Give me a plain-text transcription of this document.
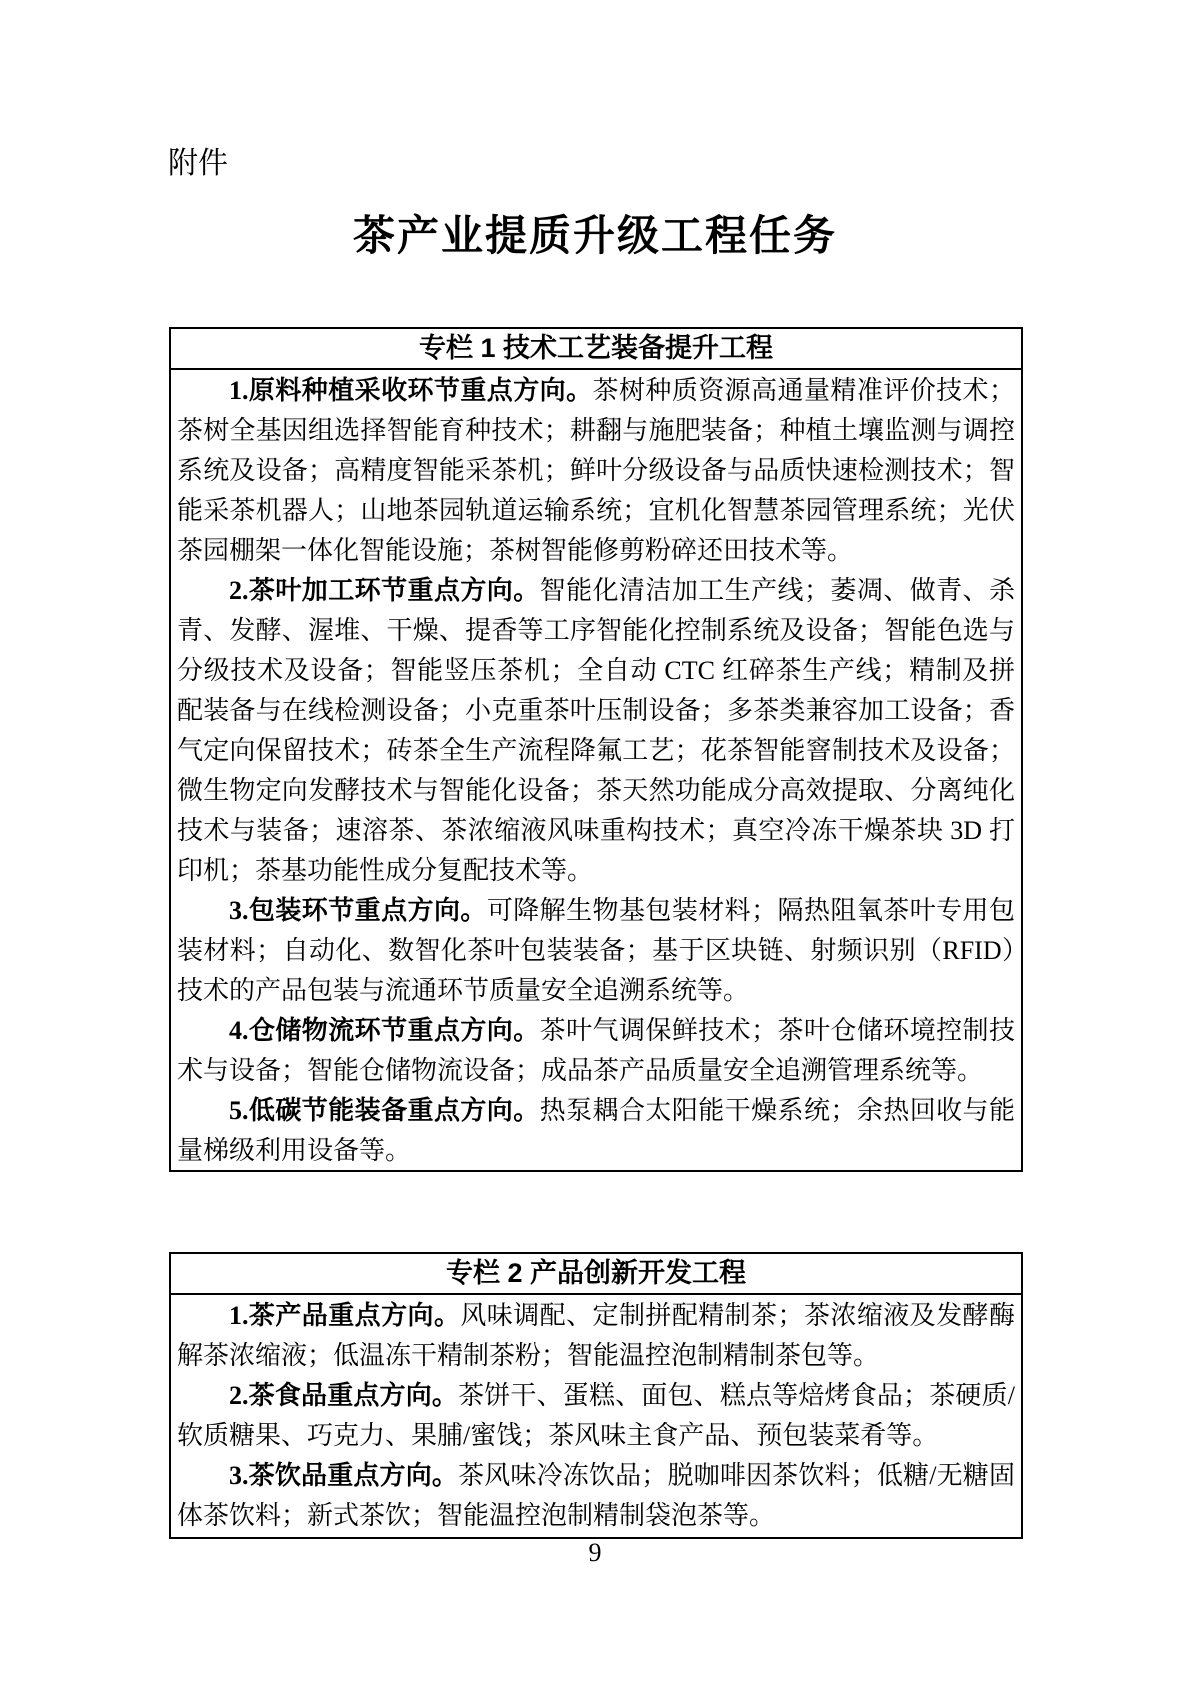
附件
茶产业提质升级工程任务
专栏 1 技术工艺装备提升工程

1.原料种植采收环节重点方向。茶树种质资源高通量精准评价技术；茶树全基因组选择智能育种技术；耕翻与施肥装备；种植土壤监测与调控系统及设备；高精度智能采茶机；鲜叶分级设备与品质快速检测技术；智能采茶机器人；山地茶园轨道运输系统；宜机化智慧茶园管理系统；光伏茶园棚架一体化智能设施；茶树智能修剪粉碎还田技术等。

2.茶叶加工环节重点方向。智能化清洁加工生产线；萎凋、做青、杀青、发酵、渥堆、干燥、提香等工序智能化控制系统及设备；智能色选与分级技术及设备；智能竖压茶机；全自动 CTC 红碎茶生产线；精制及拼配装备与在线检测设备；小克重茶叶压制设备；多茶类兼容加工设备；香气定向保留技术；砖茶全生产流程降氟工艺；花茶智能窨制技术及设备；微生物定向发酵技术与智能化设备；茶天然功能成分高效提取、分离纯化技术与装备；速溶茶、茶浓缩液风味重构技术；真空冷冻干燥茶块 3D 打印机；茶基功能性成分复配技术等。

3.包装环节重点方向。可降解生物基包装材料；隔热阻氧茶叶专用包装材料；自动化、数智化茶叶包装装备；基于区块链、射频识别（RFID）技术的产品包装与流通环节质量安全追溯系统等。

4.仓储物流环节重点方向。茶叶气调保鲜技术；茶叶仓储环境控制技术与设备；智能仓储物流设备；成品茶产品质量安全追溯管理系统等。

5.低碳节能装备重点方向。热泵耦合太阳能干燥系统；余热回收与能量梯级利用设备等。

专栏 2 产品创新开发工程

1.茶产品重点方向。风味调配、定制拼配精制茶；茶浓缩液及发酵酶解茶浓缩液；低温冻干精制茶粉；智能温控泡制精制茶包等。

2.茶食品重点方向。茶饼干、蛋糕、面包、糕点等焙烤食品；茶硬质/软质糖果、巧克力、果脯/蜜饯；茶风味主食产品、预包装菜肴等。

3.茶饮品重点方向。茶风味冷冻饮品；脱咖啡因茶饮料；低糖/无糖固体茶饮料；新式茶饮；智能温控泡制精制袋泡茶等。

9
